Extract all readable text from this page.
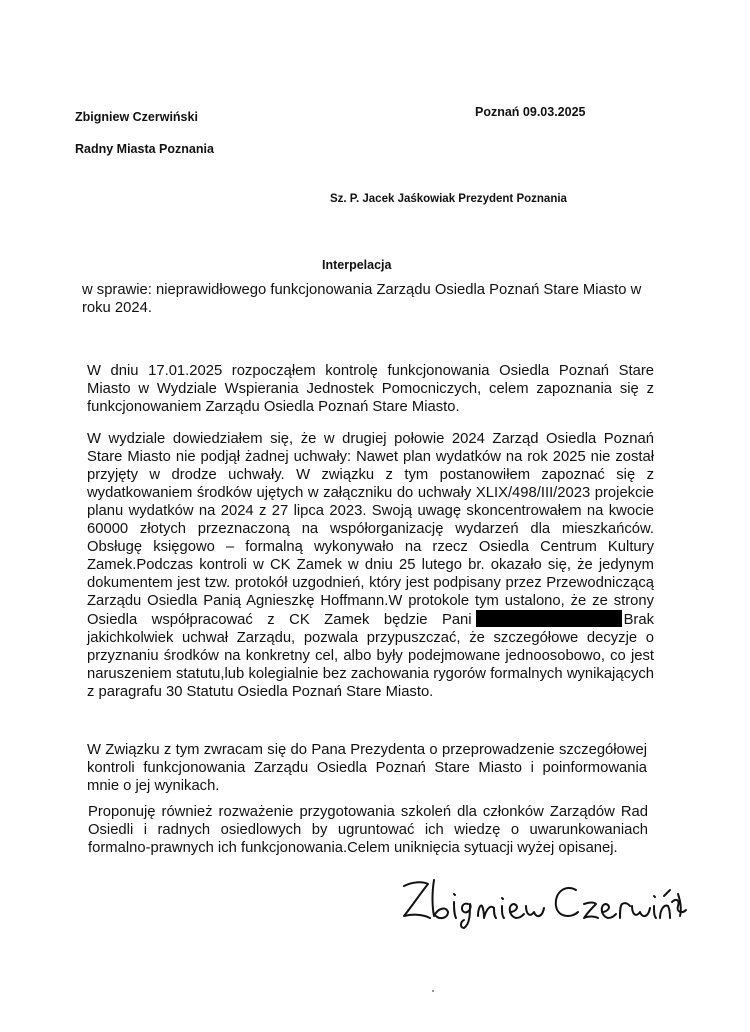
Zbigniew Czerwiński
Radny Miasta Poznania
Poznań 09.03.2025
Sz. P. Jacek Jaśkowiak Prezydent Poznania
Interpelacja
w sprawie: nieprawidłowego funkcjonowania Zarządu Osiedla Poznań Stare Miasto w roku 2024.
W dniu 17.01.2025 rozpocząłem kontrolę funkcjonowania Osiedla Poznań Stare Miasto w Wydziale Wspierania Jednostek Pomocniczych, celem zapoznania się z funkcjonowaniem Zarządu Osiedla Poznań Stare Miasto.
W wydziale dowiedziałem się, że w drugiej połowie 2024 Zarząd Osiedla Poznań Stare Miasto nie podjął żadnej uchwały: Nawet plan wydatków na rok 2025 nie został przyjęty w drodze uchwały. W związku z tym postanowiłem zapoznać się z wydatkowaniem środków ujętych w załączniku do uchwały XLIX/498/III/2023 projekcie planu wydatków na 2024 z 27 lipca 2023. Swoją uwagę skoncentrowałem na kwocie 60000 złotych przeznaczoną na współorganizację wydarzeń dla mieszkańców. Obsługę księgowo – formalną wykonywało na rzecz Osiedla Centrum Kultury Zamek.Podczas kontroli w CK Zamek w dniu 25 lutego br. okazało się, że jedynym dokumentem jest tzw. protokół uzgodnień, który jest podpisany przez Przewodniczącą Zarządu Osiedla Panią Agnieszkę Hoffmann.W protokole tym ustalono, że ze strony Osiedla współpracować z CK Zamek będzie Pani	Brak jakichkolwiek uchwał Zarządu, pozwala przypuszczać, że szczegółowe decyzje o przyznaniu środków na konkretny cel, albo były podejmowane jednoosobowo, co jest naruszeniem statutu,lub kolegialnie bez zachowania rygorów formalnych wynikających z paragrafu 30 Statutu Osiedla Poznań Stare Miasto.
W Związku z tym zwracam się do Pana Prezydenta o przeprowadzenie szczegółowej kontroli funkcjonowania Zarządu Osiedla Poznań Stare Miasto i poinformowania mnie o jej wynikach.
Proponuję również rozważenie przygotowania szkoleń dla członków Zarządów Rad Osiedli i radnych osiedlowych by ugruntować ich wiedzę o uwarunkowaniach formalno-prawnych ich funkcjonowania.Celem uniknięcia sytuacji wyżej opisanej.
